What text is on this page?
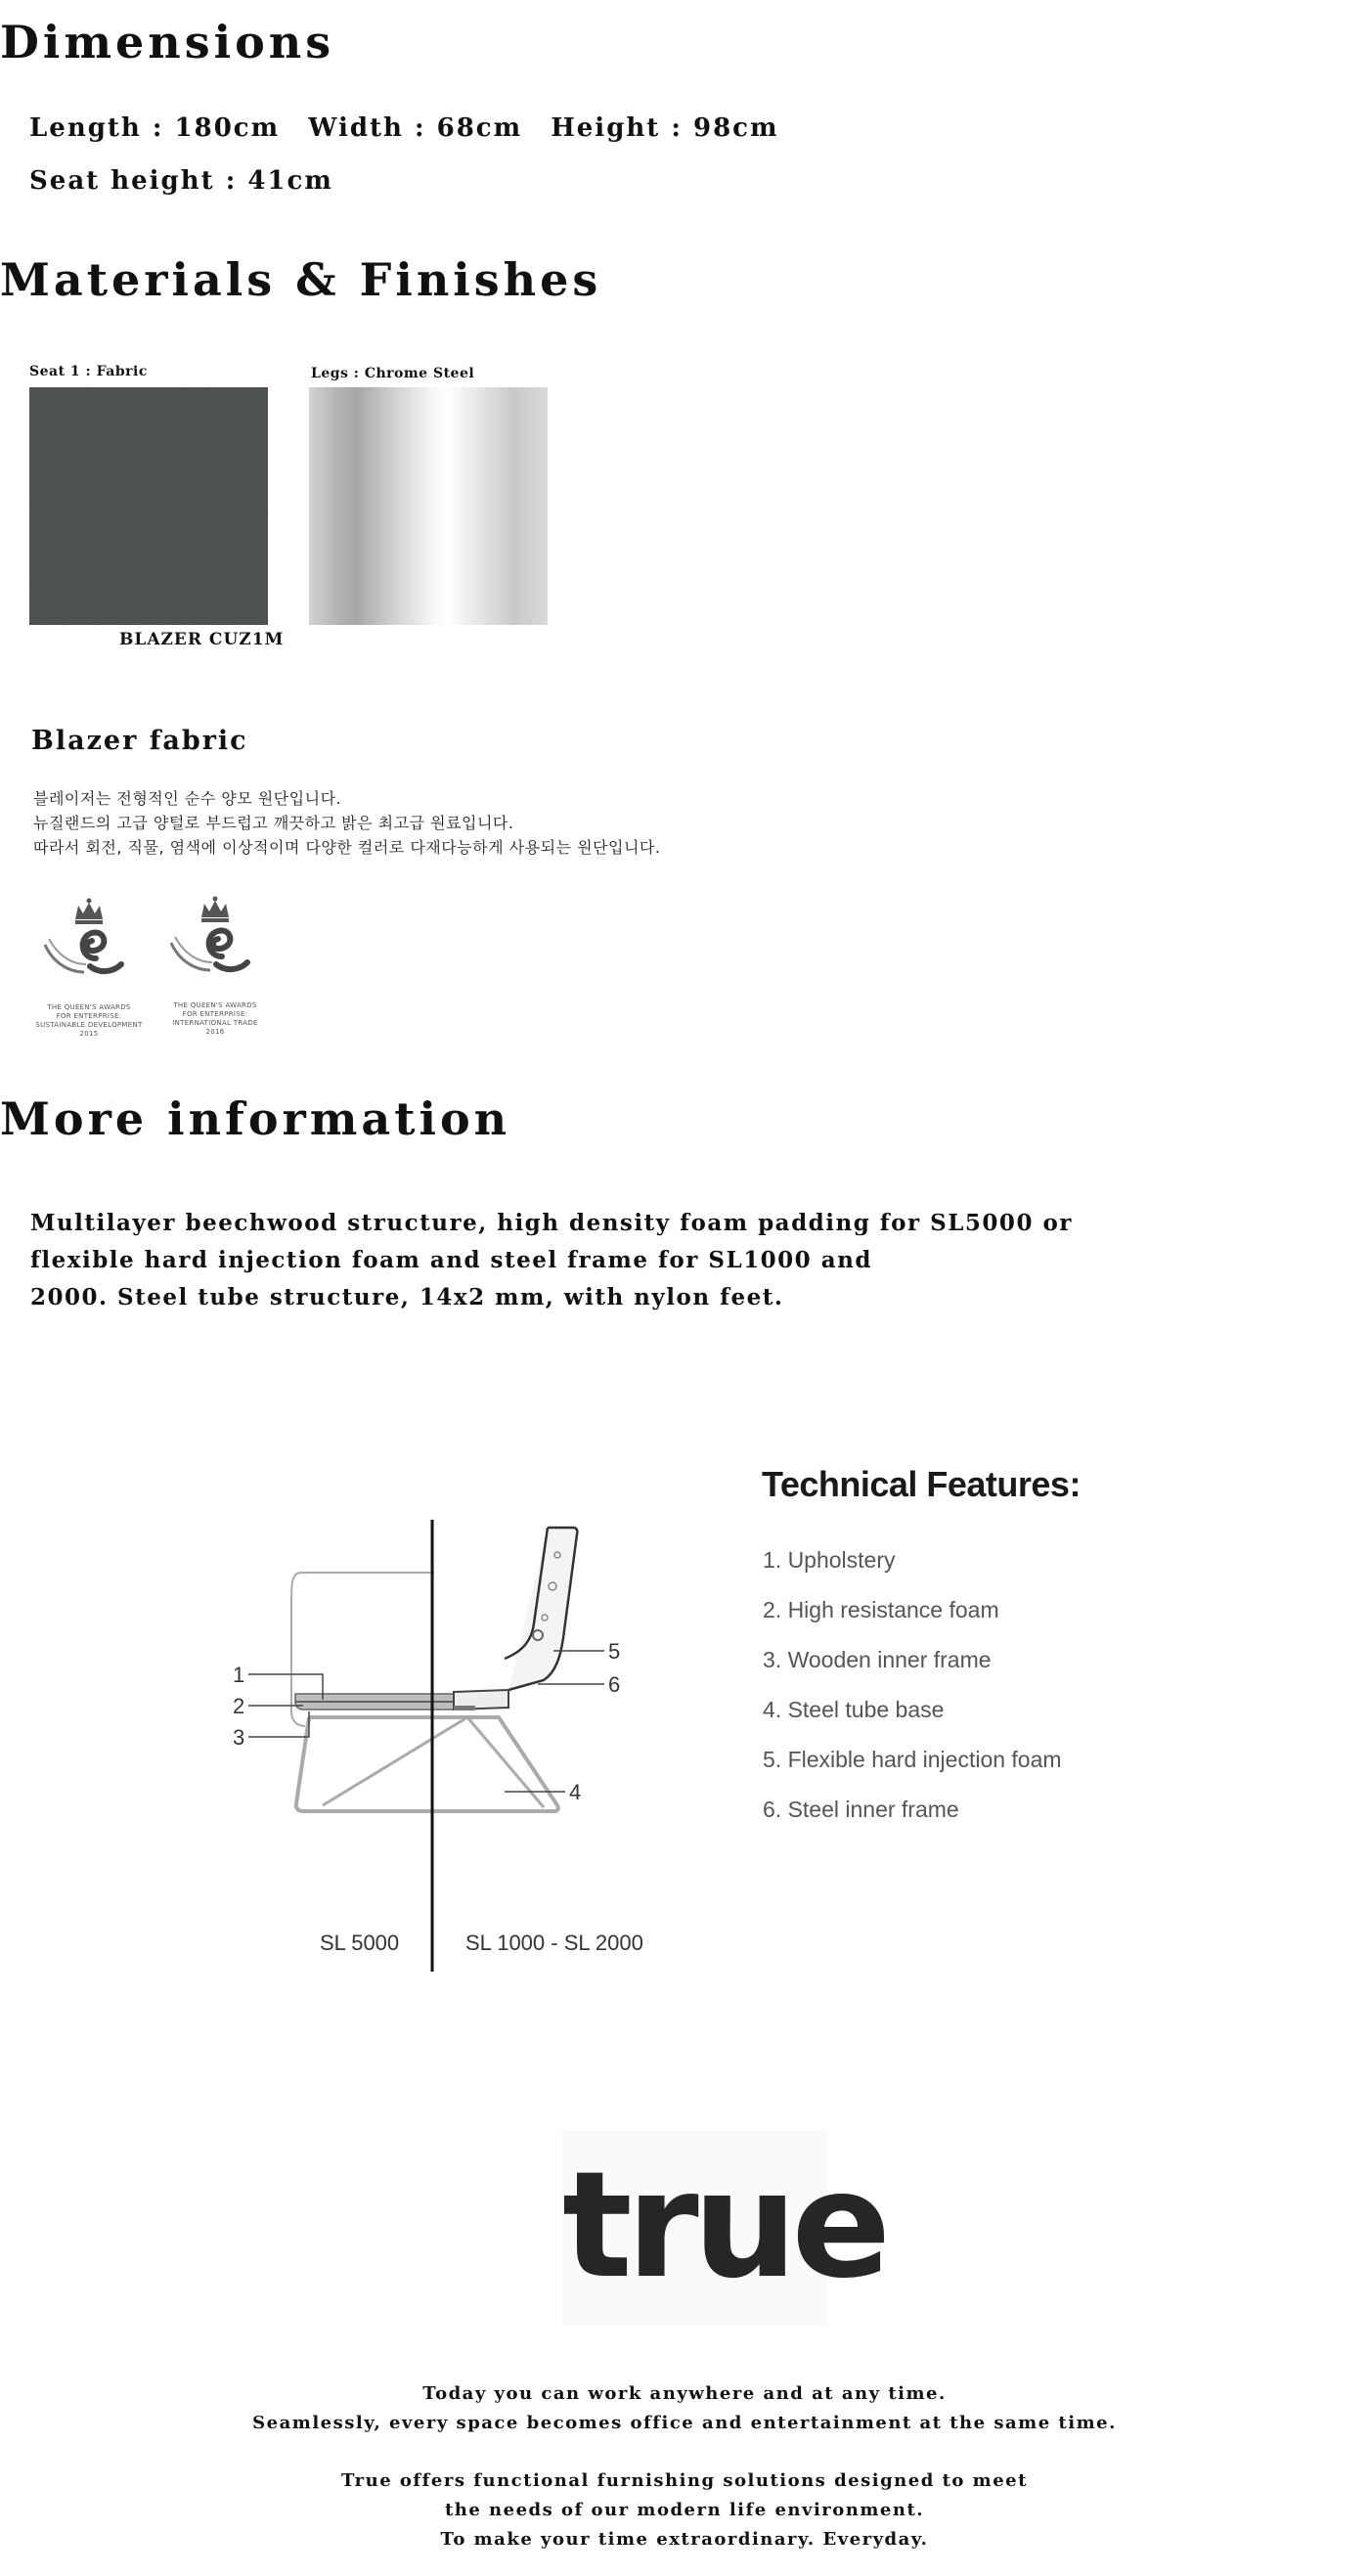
Dimensions

Length : 180cm Width : 68cm Height : 98cm

Seat height : 41cm

Materials & Finishes
Seat 1 : Fabric	Legs : Chrome Steel
BLAZER CUZ1M
Blazer fabric
블레이저는 전형적인 순수 양모 원단입니다.
뉴질랜드의 고급 양털로 부드럽고 깨끗하고 밝은 최고급 원료입니다.
따라서 회전, 직물, 염색에 이상적이며 다양한 컬러로 다재다능하게 사용되는 원단입니다.
THE QUEEN'S AWARDS
FOR ENTERPRISE:
SUSTAINABLE DEVELOPMENT
2015
THE QUEEN'S AWARDS
FOR ENTERPRISE:
INTERNATIONAL TRADE
2016
More information
Multilayer beechwood structure, high density foam padding for SL5000 or
flexible hard injection foam and steel frame for SL1000 and
2000. Steel tube structure, 14x2 mm, with nylon feet.
1
2
3
4
5
6
SL 5000	SL 1000 - SL 2000
Technical Features:
1. Upholstery
2. High resistance foam
3. Wooden inner frame
4. Steel tube base
5. Flexible hard injection foam
6. Steel inner frame
true
Today you can work anywhere and at any time.
Seamlessly, every space becomes office and entertainment at the same time.
True offers functional furnishing solutions designed to meet
the needs of our modern life environment.
To make your time extraordinary. Everyday.
